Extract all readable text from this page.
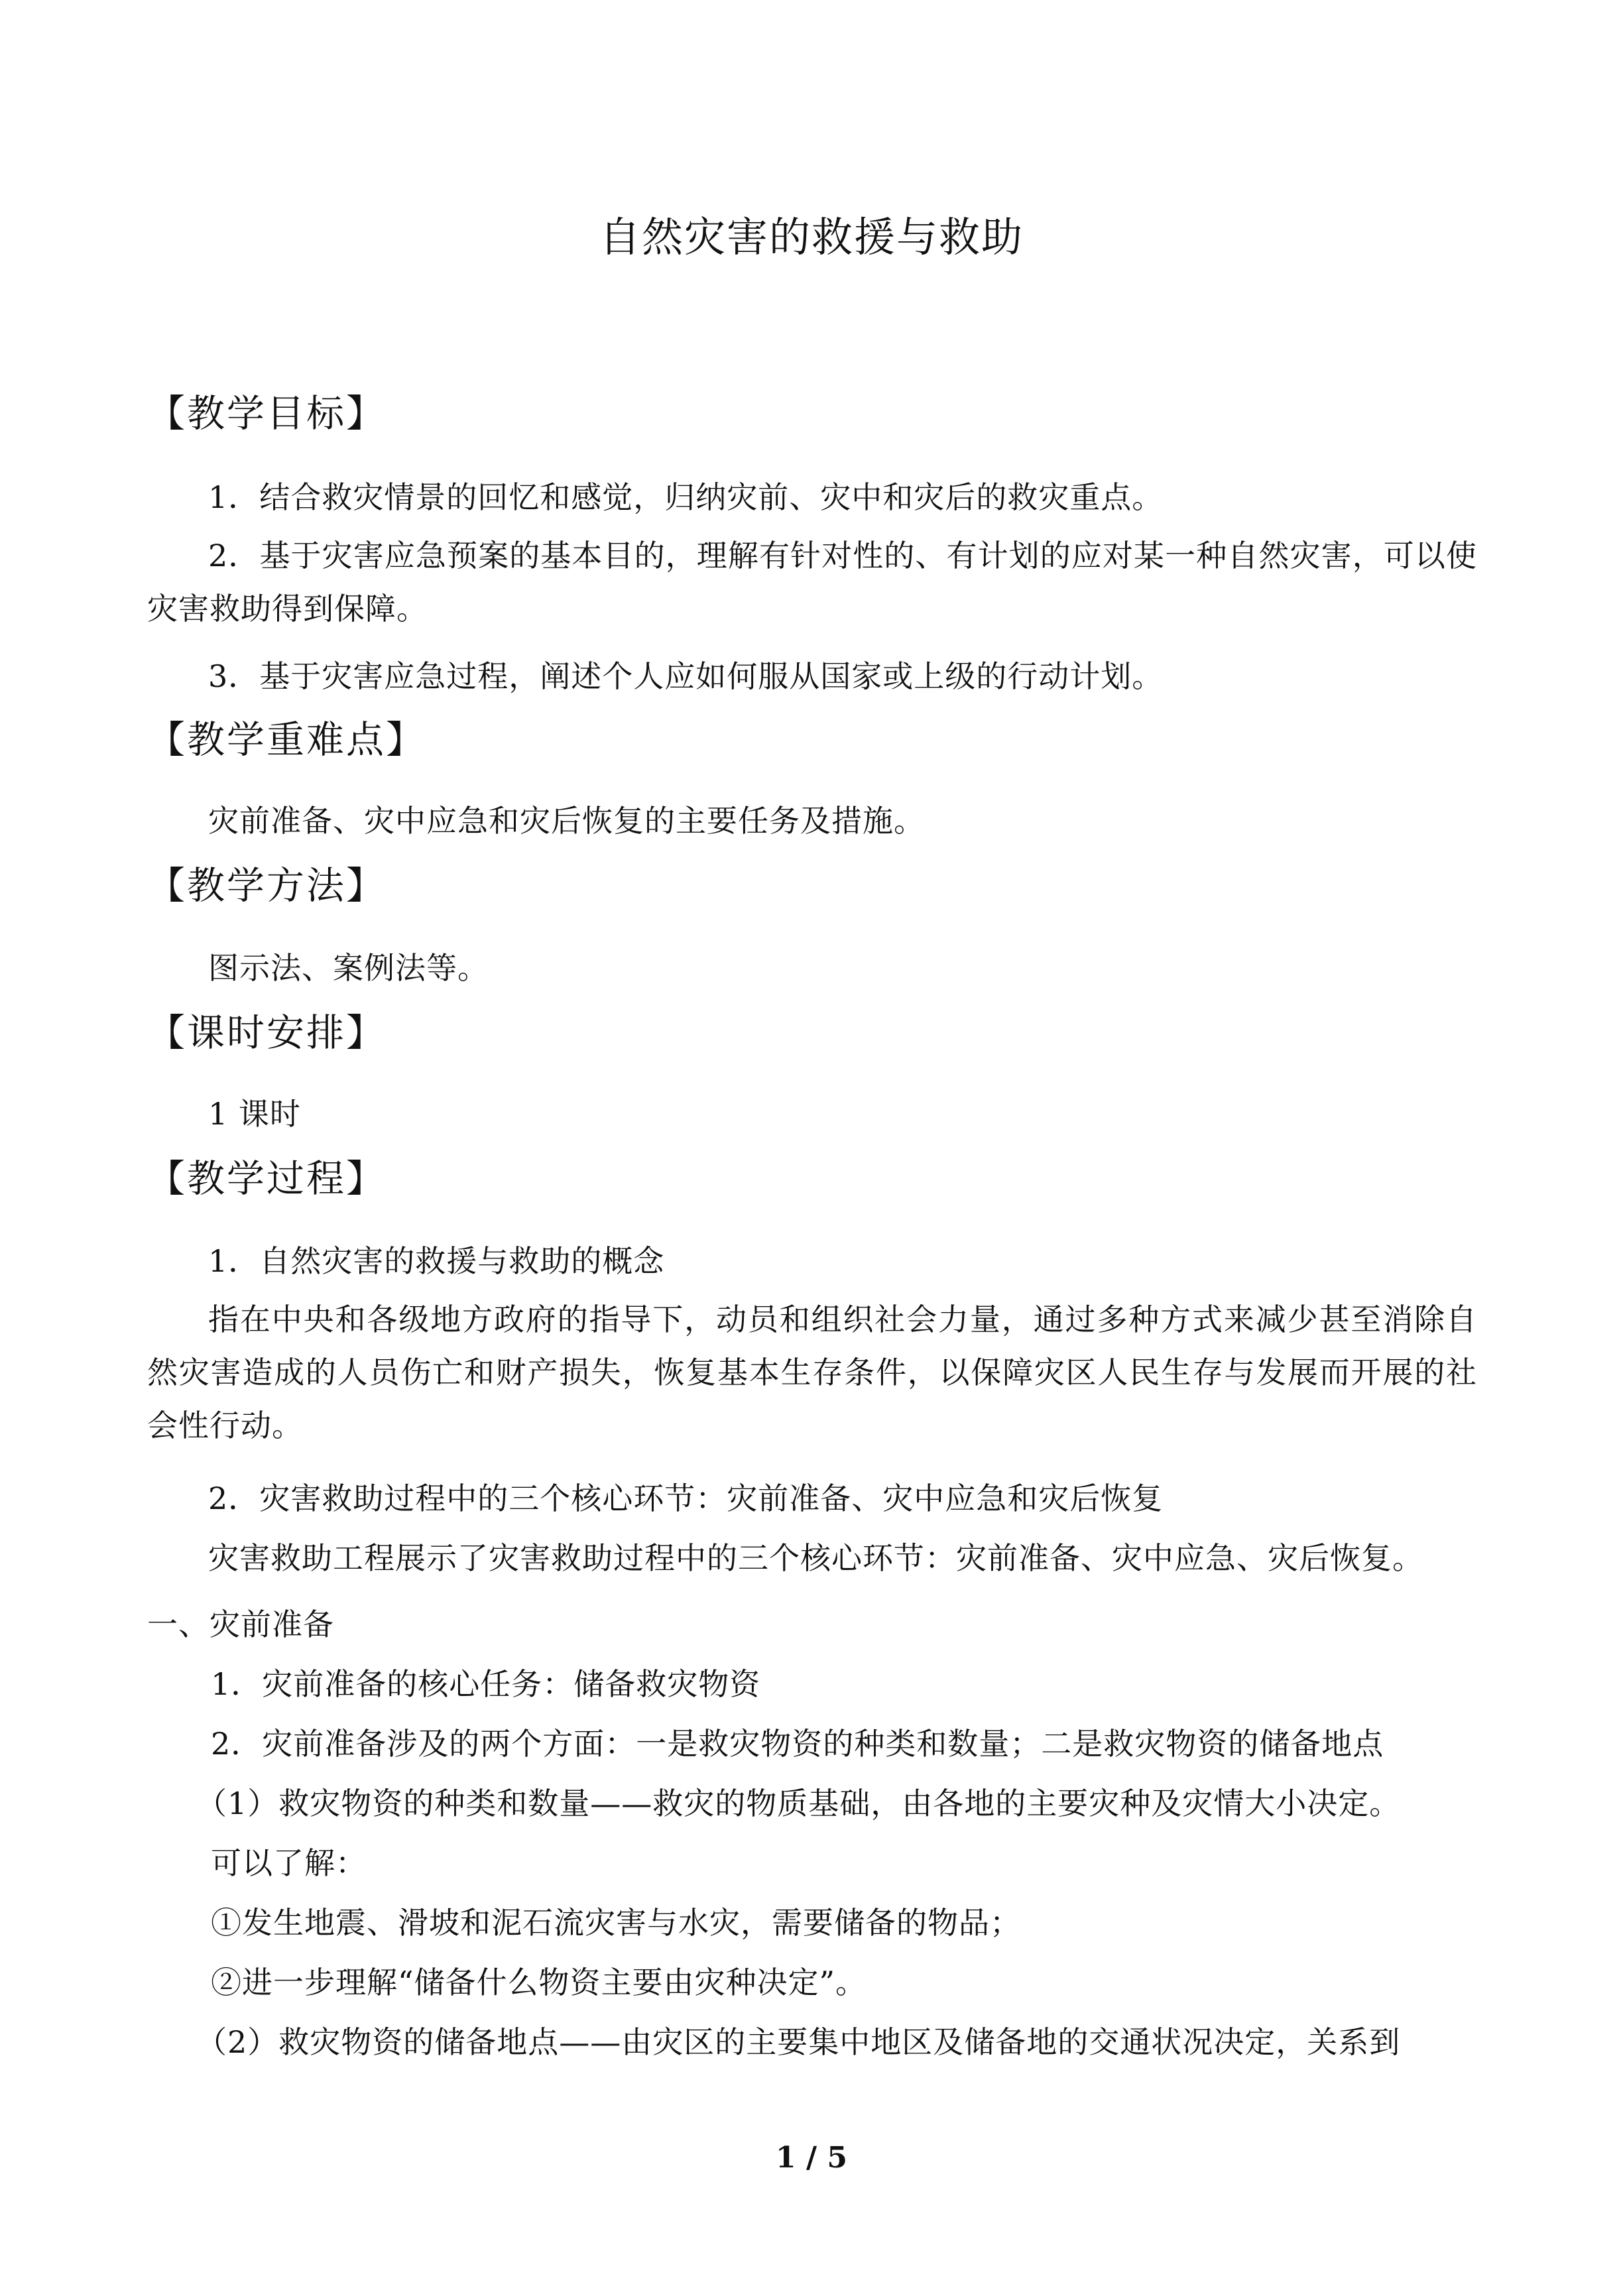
自然灾害的救援与救助
【教学目标】
1．结合救灾情景的回忆和感觉，归纳灾前、灾中和灾后的救灾重点。
2．基于灾害应急预案的基本目的，理解有针对性的、有计划的应对某一种自然灾害，可以使灾害救助得到保障。
3．基于灾害应急过程，阐述个人应如何服从国家或上级的行动计划。
【教学重难点】
灾前准备、灾中应急和灾后恢复的主要任务及措施。
【教学方法】
图示法、案例法等。
【课时安排】
1 课时
【教学过程】
1．自然灾害的救援与救助的概念
指在中央和各级地方政府的指导下，动员和组织社会力量，通过多种方式来减少甚至消除自然灾害造成的人员伤亡和财产损失，恢复基本生存条件，以保障灾区人民生存与发展而开展的社会性行动。
2．灾害救助过程中的三个核心环节：灾前准备、灾中应急和灾后恢复
灾害救助工程展示了灾害救助过程中的三个核心环节：灾前准备、灾中应急、灾后恢复。
一、灾前准备
1．灾前准备的核心任务：储备救灾物资
2．灾前准备涉及的两个方面：一是救灾物资的种类和数量；二是救灾物资的储备地点
（1）救灾物资的种类和数量——救灾的物质基础，由各地的主要灾种及灾情大小决定。
可以了解：
①发生地震、滑坡和泥石流灾害与水灾，需要储备的物品；
②进一步理解“储备什么物资主要由灾种决定”。
（2）救灾物资的储备地点——由灾区的主要集中地区及储备地的交通状况决定，关系到
1 / 5
